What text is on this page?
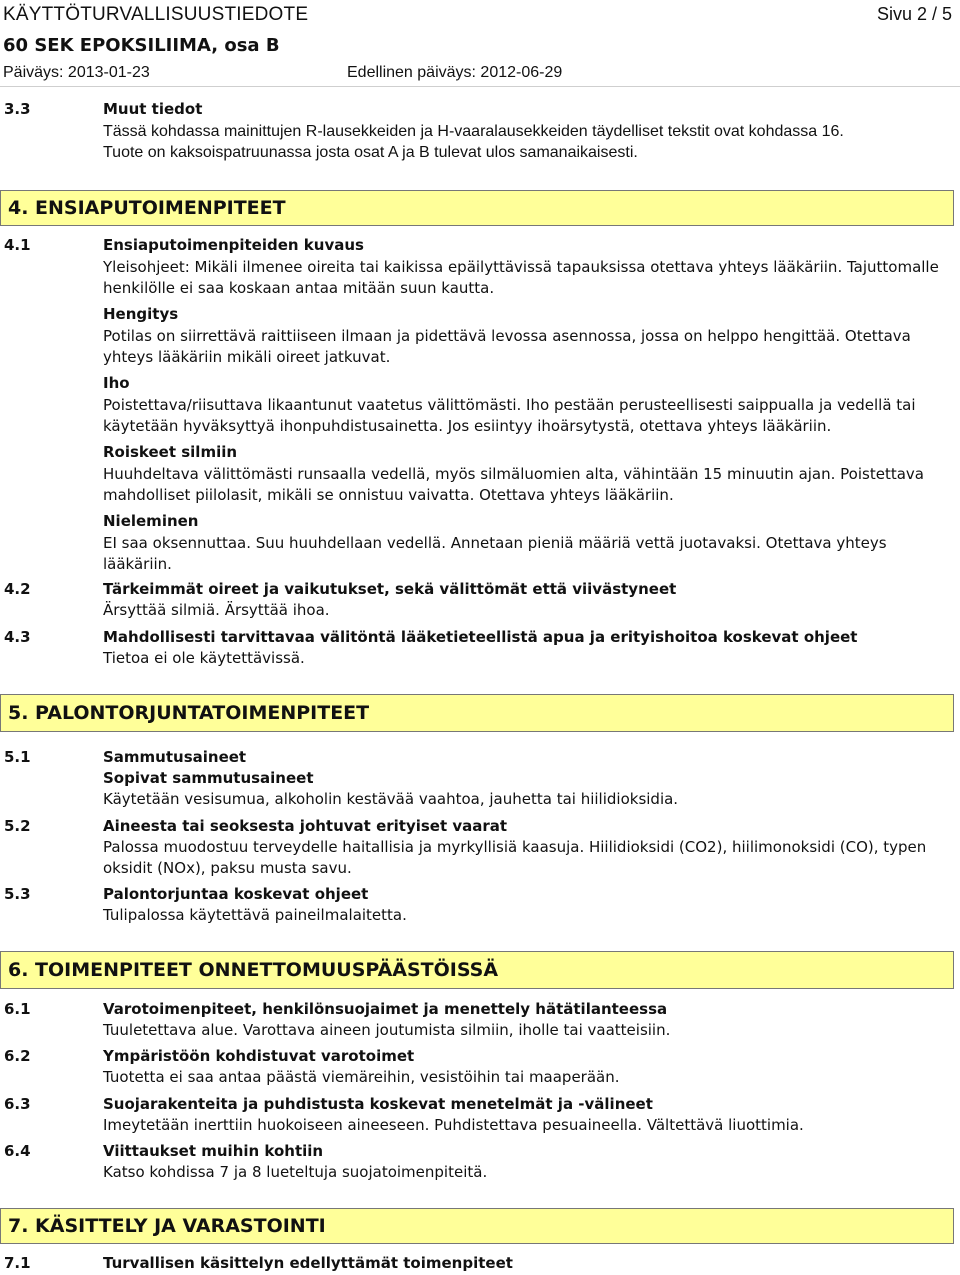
KÄYTTÖTURVALLISUUSTIEDOTE	Sivu 2 / 5
60 SEK EPOKSILIIMA, osa B
Päiväys: 2013-01-23	Edellinen päiväys: 2012-06-29
3.3	Muut tiedot
Tässä kohdassa mainittujen R-lausekkeiden ja H-vaaralausekkeiden täydelliset tekstit ovat kohdassa 16.
Tuote on kaksoispatruunassa josta osat A ja B tulevat ulos samanaikaisesti.
4. ENSIAPUTOIMENPITEET
4.1	Ensiaputoimenpiteiden kuvaus
Yleisohjeet: Mikäli ilmenee oireita tai kaikissa epäilyttävissä tapauksissa otettava yhteys lääkäriin. Tajuttomalle
henkilölle ei saa koskaan antaa mitään suun kautta.
Hengitys
Potilas on siirrettävä raittiiseen ilmaan ja pidettävä levossa asennossa, jossa on helppo hengittää. Otettava
yhteys lääkäriin mikäli oireet jatkuvat.
Iho
Poistettava/riisuttava likaantunut vaatetus välittömästi. Iho pestään perusteellisesti saippualla ja vedellä tai
käytetään hyväksyttyä ihonpuhdistusainetta. Jos esiintyy ihoärsytystä, otettava yhteys lääkäriin.
Roiskeet silmiin
Huuhdeltava välittömästi runsaalla vedellä, myös silmäluomien alta, vähintään 15 minuutin ajan. Poistettava
mahdolliset piilolasit, mikäli se onnistuu vaivatta. Otettava yhteys lääkäriin.
Nieleminen
EI saa oksennuttaa. Suu huuhdellaan vedellä. Annetaan pieniä määriä vettä juotavaksi. Otettava yhteys
lääkäriin.
4.2	Tärkeimmät oireet ja vaikutukset, sekä välittömät että viivästyneet
Ärsyttää silmiä. Ärsyttää ihoa.
4.3	Mahdollisesti tarvittavaa välitöntä lääketieteellistä apua ja erityishoitoa koskevat ohjeet
Tietoa ei ole käytettävissä.
5. PALONTORJUNTATOIMENPITEET
5.1	Sammutusaineet
Sopivat sammutusaineet
Käytetään vesisumua, alkoholin kestävää vaahtoa, jauhetta tai hiilidioksidia.
5.2	Aineesta tai seoksesta johtuvat erityiset vaarat
Palossa muodostuu terveydelle haitallisia ja myrkyllisiä kaasuja. Hiilidioksidi (CO2), hiilimonoksidi (CO), typen
oksidit (NOx), paksu musta savu.
5.3	Palontorjuntaa koskevat ohjeet
Tulipalossa käytettävä paineilmalaitetta.
6. TOIMENPITEET ONNETTOMUUSPÄÄSTÖISSÄ
6.1	Varotoimenpiteet, henkilönsuojaimet ja menettely hätätilanteessa
Tuuletettava alue. Varottava aineen joutumista silmiin, iholle tai vaatteisiin.
6.2	Ympäristöön kohdistuvat varotoimet
Tuotetta ei saa antaa päästä viemäreihin, vesistöihin tai maaperään.
6.3	Suojarakenteita ja puhdistusta koskevat menetelmät ja -välineet
Imeytetään inerttiin huokoiseen aineeseen. Puhdistettava pesuaineella. Vältettävä liuottimia.
6.4	Viittaukset muihin kohtiin
Katso kohdissa 7 ja 8 lueteltuja suojatoimenpiteitä.
7. KÄSITTELY JA VARASTOINTI
7.1	Turvallisen käsittelyn edellyttämät toimenpiteet
